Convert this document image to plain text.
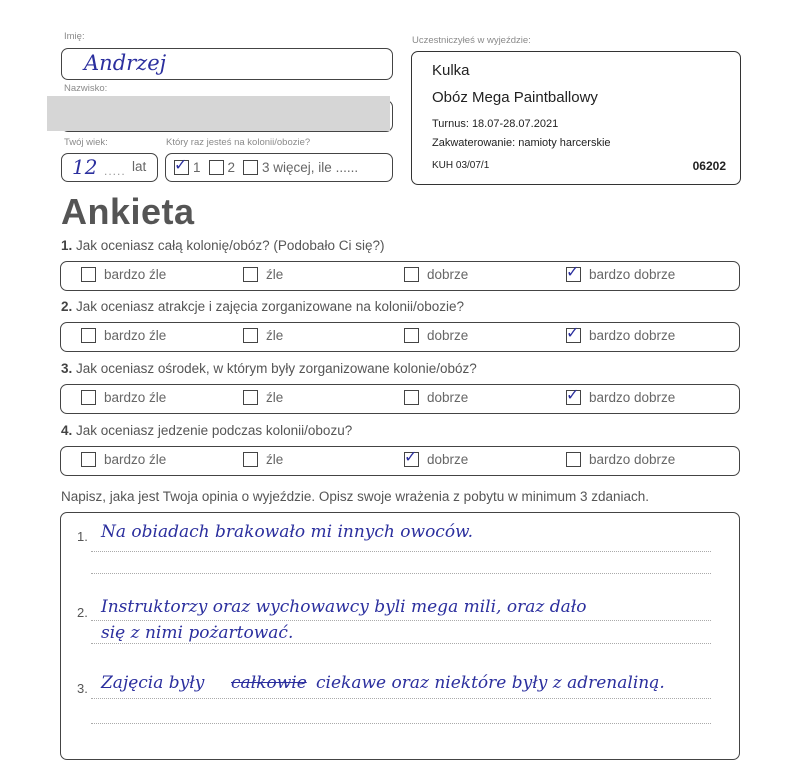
Imię:
Andrzej
Nazwisko:
Twój wiek:
12 ..... lat
Który raz jesteś na kolonii/obozie?
✓ 1 2 3 więcej, ile ......
Uczestniczyłeś w wyjeździe:
Kulka
Obóz Mega Paintballowy
Turnus: 18.07-28.07.2021
Zakwaterowanie: namioty harcerskie
KUH 03/07/1	06202
Ankieta
1. Jak oceniasz całą kolonię/obóz? (Podobało Ci się?)
bardzo źle	źle	dobrze	✓ bardzo dobrze
2. Jak oceniasz atrakcje i zajęcia zorganizowane na kolonii/obozie?
bardzo źle	źle	dobrze	✓ bardzo dobrze
3. Jak oceniasz ośrodek, w którym były zorganizowane kolonie/obóz?
bardzo źle	źle	dobrze	✓ bardzo dobrze
4. Jak oceniasz jedzenie podczas kolonii/obozu?
bardzo źle	źle	✓ dobrze	bardzo dobrze
Napisz, jaka jest Twoja opinia o wyjeździe. Opisz swoje wrażenia z pobytu w minimum 3 zdaniach.
1. Na obiadach brakowało mi innych owoców.
2. Instruktorzy oraz wychowawcy byli mega mili, oraz dało
się z nimi pożartować.
3. Zajęcia były całkowie ciekawe oraz niektóre były z adrenaliną.
